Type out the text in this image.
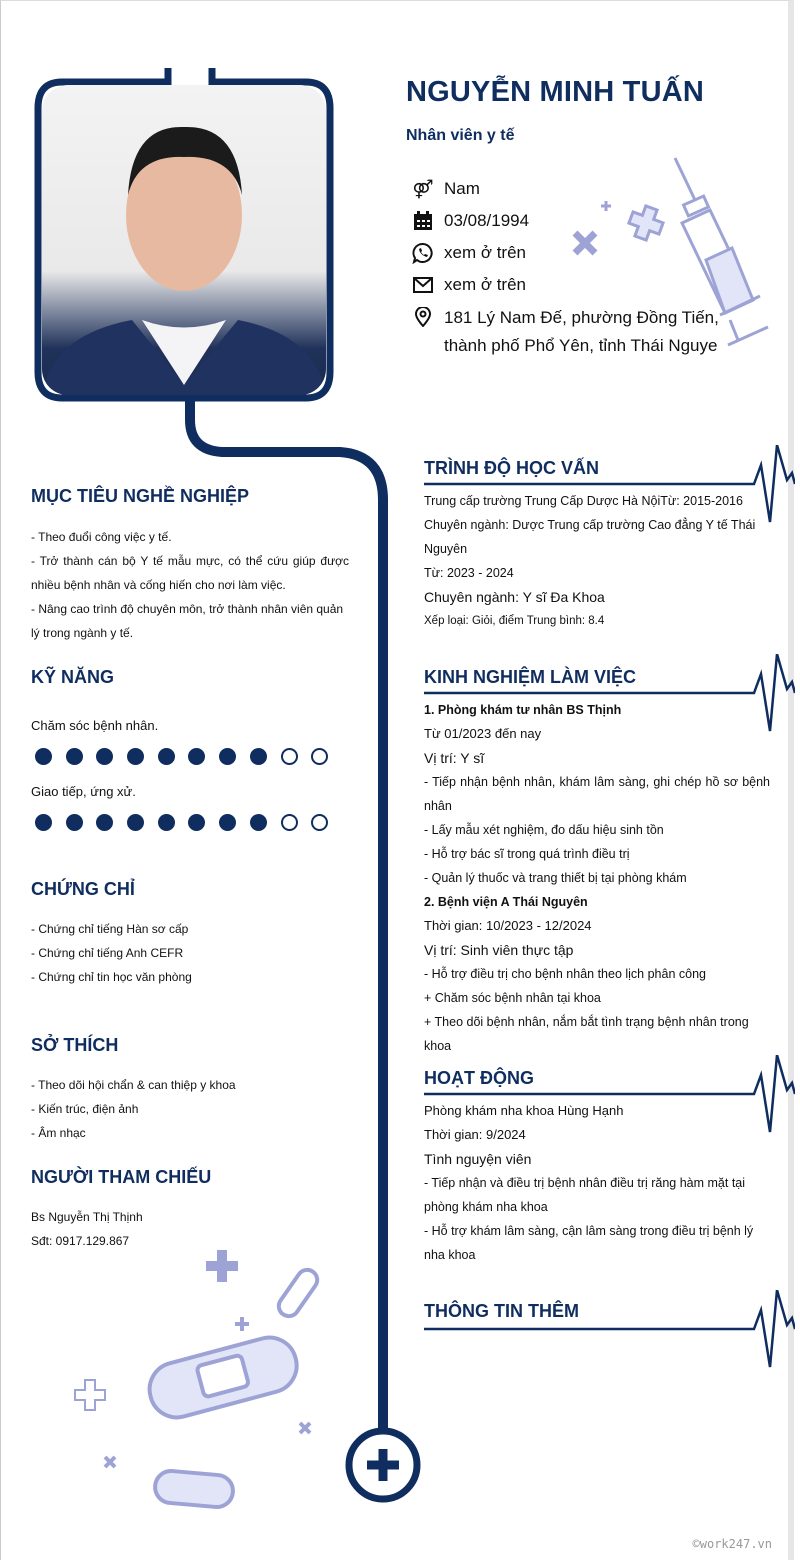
NGUYỄN MINH TUẤN
Nhân viên y tế
⚤ Nam
03/08/1994
xem ở trên
xem ở trên
181 Lý Nam Đế, phường Đồng Tiến,
thành phố Phổ Yên, tỉnh Thái Nguye
MỤC TIÊU NGHỀ NGHIỆP
- Theo đuổi công việc y tế.
- Trở thành cán bộ Y tế mẫu mực, có thể cứu giúp được nhiều bệnh nhân và cống hiến cho nơi làm việc.
- Nâng cao trình độ chuyên môn, trở thành nhân viên quản lý trong ngành y tế.
KỸ NĂNG
Chăm sóc bệnh nhân.
Giao tiếp, ứng xử.
CHỨNG CHỈ
- Chứng chỉ tiếng Hàn sơ cấp
- Chứng chỉ tiếng Anh CEFR
- Chứng chỉ tin học văn phòng
SỞ THÍCH
- Theo dõi hội chẩn & can thiệp y khoa
- Kiến trúc, điện ảnh
- Âm nhạc
NGƯỜI THAM CHIẾU
Bs Nguyễn Thị Thịnh
Sđt: 0917.129.867
TRÌNH ĐỘ HỌC VẤN
Trung cấp trường Trung Cấp Dược Hà NộiTừ: 2015-2016 Chuyên ngành: Dược Trung cấp trường Cao đẳng Y tế Thái Nguyên
Từ: 2023 - 2024
Chuyên ngành: Y sĩ Đa Khoa
Xếp loại: Giỏi, điểm Trung bình: 8.4
KINH NGHIỆM LÀM VIỆC
1. Phòng khám tư nhân BS Thịnh
Từ 01/2023 đến nay
Vị trí: Y sĩ
- Tiếp nhận bệnh nhân, khám lâm sàng, ghi chép hồ sơ bệnh nhân
- Lấy mẫu xét nghiệm, đo dấu hiệu sinh tồn
- Hỗ trợ bác sĩ trong quá trình điều trị
- Quản lý thuốc và trang thiết bị tại phòng khám
2. Bệnh viện A Thái Nguyên
Thời gian: 10/2023 - 12/2024
Vị trí: Sinh viên thực tập
- Hỗ trợ điều trị cho bệnh nhân theo lịch phân công
+ Chăm sóc bệnh nhân tại khoa
+ Theo dõi bệnh nhân, nắm bắt tình trạng bệnh nhân trong khoa
HOẠT ĐỘNG
Phòng khám nha khoa Hùng Hạnh
Thời gian: 9/2024
Tình nguyện viên
- Tiếp nhận và điều trị bệnh nhân điều trị răng hàm mặt tại phòng khám nha khoa
- Hỗ trợ khám lâm sàng, cận lâm sàng trong điều trị bệnh lý nha khoa
THÔNG TIN THÊM
©work247.vn
